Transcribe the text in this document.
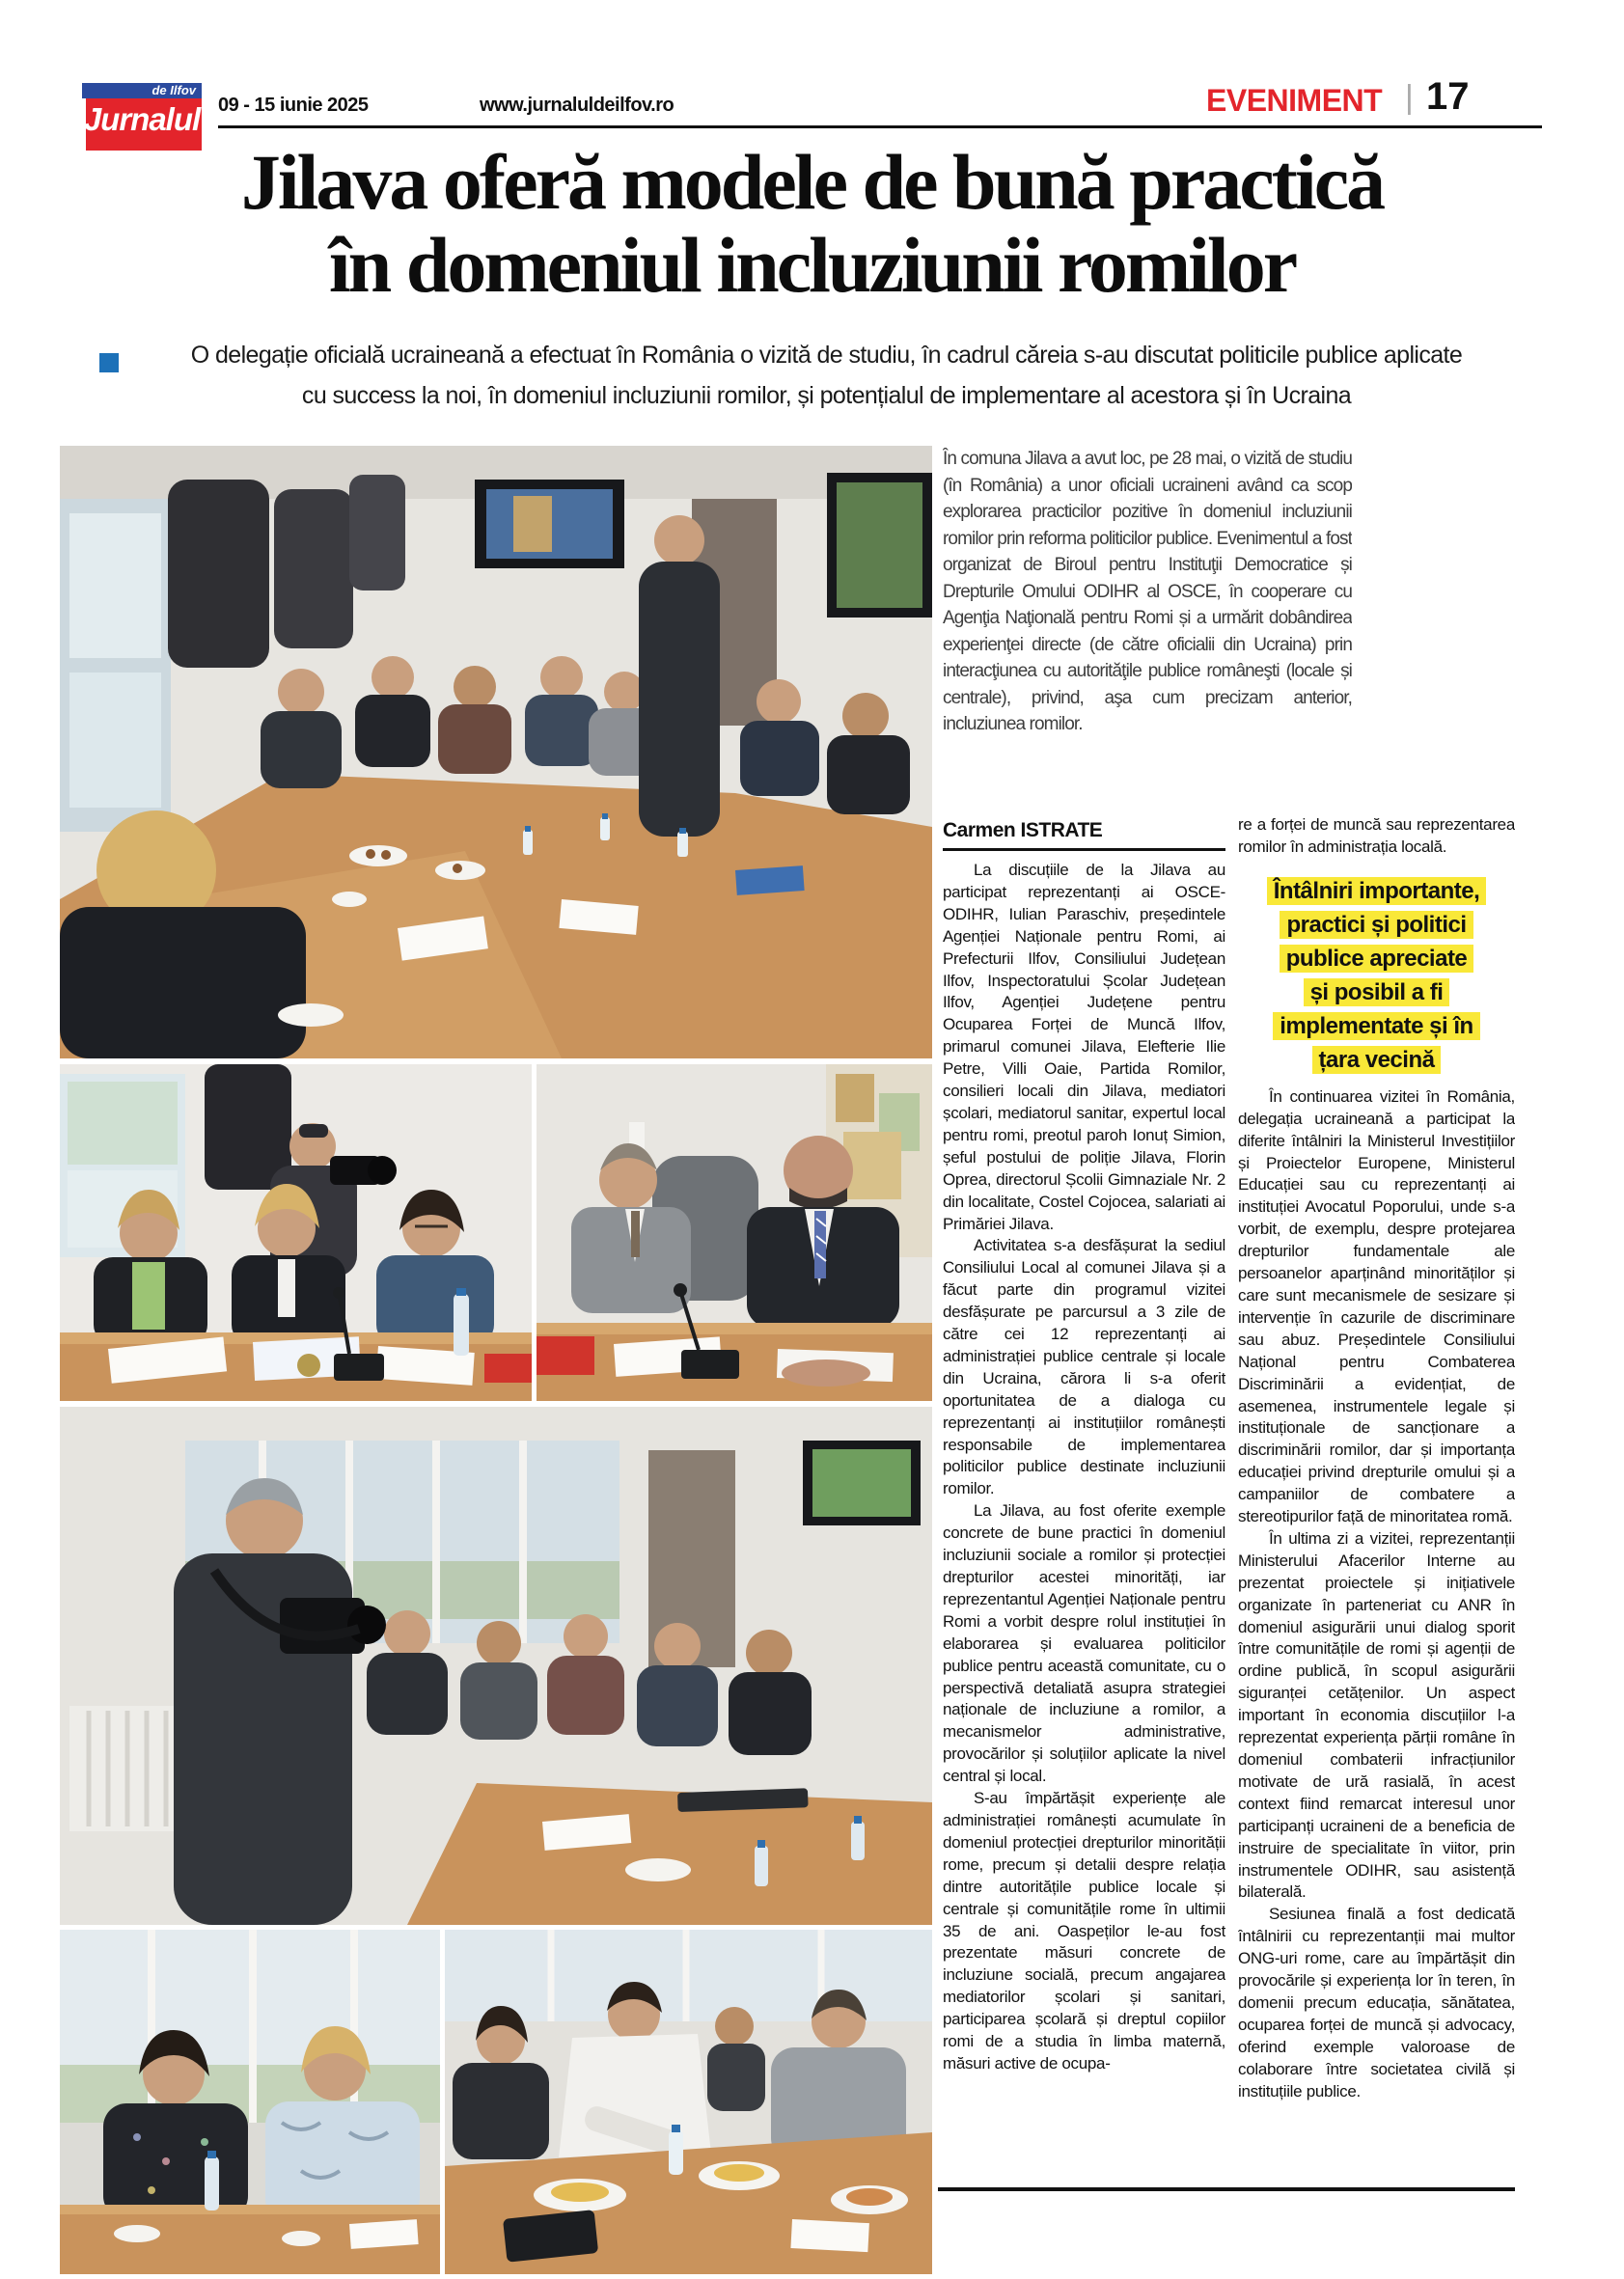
de Ilfov
Jurnalul 09 - 15 iunie 2025	www.jurnaluldeilfov.ro	EVENIMENT | 17
Jilava oferă modele de bună practică
în domeniul incluziunii romilor
O delegație oficială ucraineană a efectuat în România o vizită de studiu, în cadrul căreia s-au discutat politicile publice aplicate
cu success la noi, în domeniul incluziunii romilor, și potențialul de implementare al acestora și în Ucraina
În comuna Jilava a avut loc, pe 28 mai, o vizită de studiu (în România) a unor oficiali ucraineni având ca scop explorarea practicilor pozitive în domeniul incluziunii romilor prin reforma politicilor publice. Evenimentul a fost organizat de Biroul pentru Instituţii Democratice și Drepturile Omului ODIHR al OSCE, în cooperare cu Agenţia Naţională pentru Romi și a urmărit dobândirea experienţei directe (de către oficialii din Ucraina) prin interacţiunea cu autorităţile publice româneşti (locale și centrale), privind, aşa cum precizam anterior, incluziunea romilor.
Carmen ISTRATE

La discuțiile de la Jilava au participat reprezentanți ai OSCE-ODIHR, Iulian Paraschiv, președintele Agenției Naționale pentru Romi, ai Prefecturii Ilfov, Consiliului Județean Ilfov, Inspectoratului Școlar Județean Ilfov, Agenției Județene pentru Ocuparea Forței de Muncă Ilfov, primarul comunei Jilava, Elefterie Ilie Petre, Villi Oaie, Partida Romilor, consilieri locali din Jilava, mediatori școlari, mediatorul sanitar, expertul local pentru romi, preotul paroh Ionuț Simion, șeful postului de poliție Jilava, Florin Oprea, directorul Școlii Gimnaziale Nr. 2 din localitate, Costel Cojocea, salariati ai Primăriei Jilava.

Activitatea s-a desfășurat la sediul Consiliului Local al comunei Jilava și a făcut parte din programul vizitei desfășurate pe parcursul a 3 zile de către cei 12 reprezentanți ai administrației publice centrale și locale din Ucraina, cărora li s-a oferit oportunitatea de a dialoga cu reprezentanți ai instituțiilor românești responsabile de implementarea politicilor publice destinate incluziunii romilor.

La Jilava, au fost oferite exemple concrete de bune practici în domeniul incluziunii sociale a romilor și protecției drepturilor acestei minorități, iar reprezentantul Agenției Naționale pentru Romi a vorbit despre rolul instituției în elaborarea și evaluarea politicilor publice pentru această comunitate, cu o perspectivă detaliată asupra strategiei naționale de incluziune a romilor, a mecanismelor administrative, provocărilor și soluțiilor aplicate la nivel central și local.

S-au împărtășit experiențe ale administrației românești acumulate în domeniul protecției drepturilor minorității rome, precum și detalii despre relația dintre autoritățile publice locale și centrale și comunitățile rome în ultimii 35 de ani. Oaspeților le-au fost prezentate măsuri concrete de incluziune socială, precum angajarea mediatorilor școlari și sanitari, participarea școlară și dreptul copiilor romi de a studia în limba maternă, măsuri active de ocupa-

re a forței de muncă sau reprezentarea romilor în administrația locală.

Întâlniri importante,
practici și politici
publice apreciate
și posibil a fi
implementate și în
țara vecină

În continuarea vizitei în România, delegația ucraineană a participat la diferite întâlniri la Ministerul Investițiilor și Proiectelor Europene, Ministerul Educației sau cu reprezentanți ai instituției Avocatul Poporului, unde s-a vorbit, de exemplu, despre protejarea drepturilor fundamentale ale persoanelor aparținând minorităților și care sunt mecanismele de sesizare și intervenție în cazurile de discriminare sau abuz. Președintele Consiliului Național pentru Combaterea Discriminării a evidențiat, de asemenea, instrumentele legale și instituționale de sancționare a discriminării romilor, dar și importanța educației privind drepturile omului și a campaniilor de combatere a stereotipurilor față de minoritatea romă.

În ultima zi a vizitei, reprezentanții Ministerului Afacerilor Interne au prezentat proiectele și inițiativele organizate în parteneriat cu ANR în domeniul asigurării unui dialog sporit între comunitățile de romi și agenții de ordine publică, în scopul asigurării siguranței cetățenilor. Un aspect important în economia discuțiilor l-a reprezentat experiența părții române în domeniul combaterii infracțiunilor motivate de ură rasială, în acest context fiind remarcat interesul unor participanți ucraineni de a beneficia de instruire de specialitate în viitor, prin instrumentele ODIHR, sau asistență bilaterală.

Sesiunea finală a fost dedicată întâlnirii cu reprezentanții mai multor ONG-uri rome, care au împărtășit din provocările și experiența lor în teren, în domenii precum educația, sănătatea, ocuparea forței de muncă și advocacy, oferind exemple valoroase de colaborare între societatea civilă și instituțiile publice.
